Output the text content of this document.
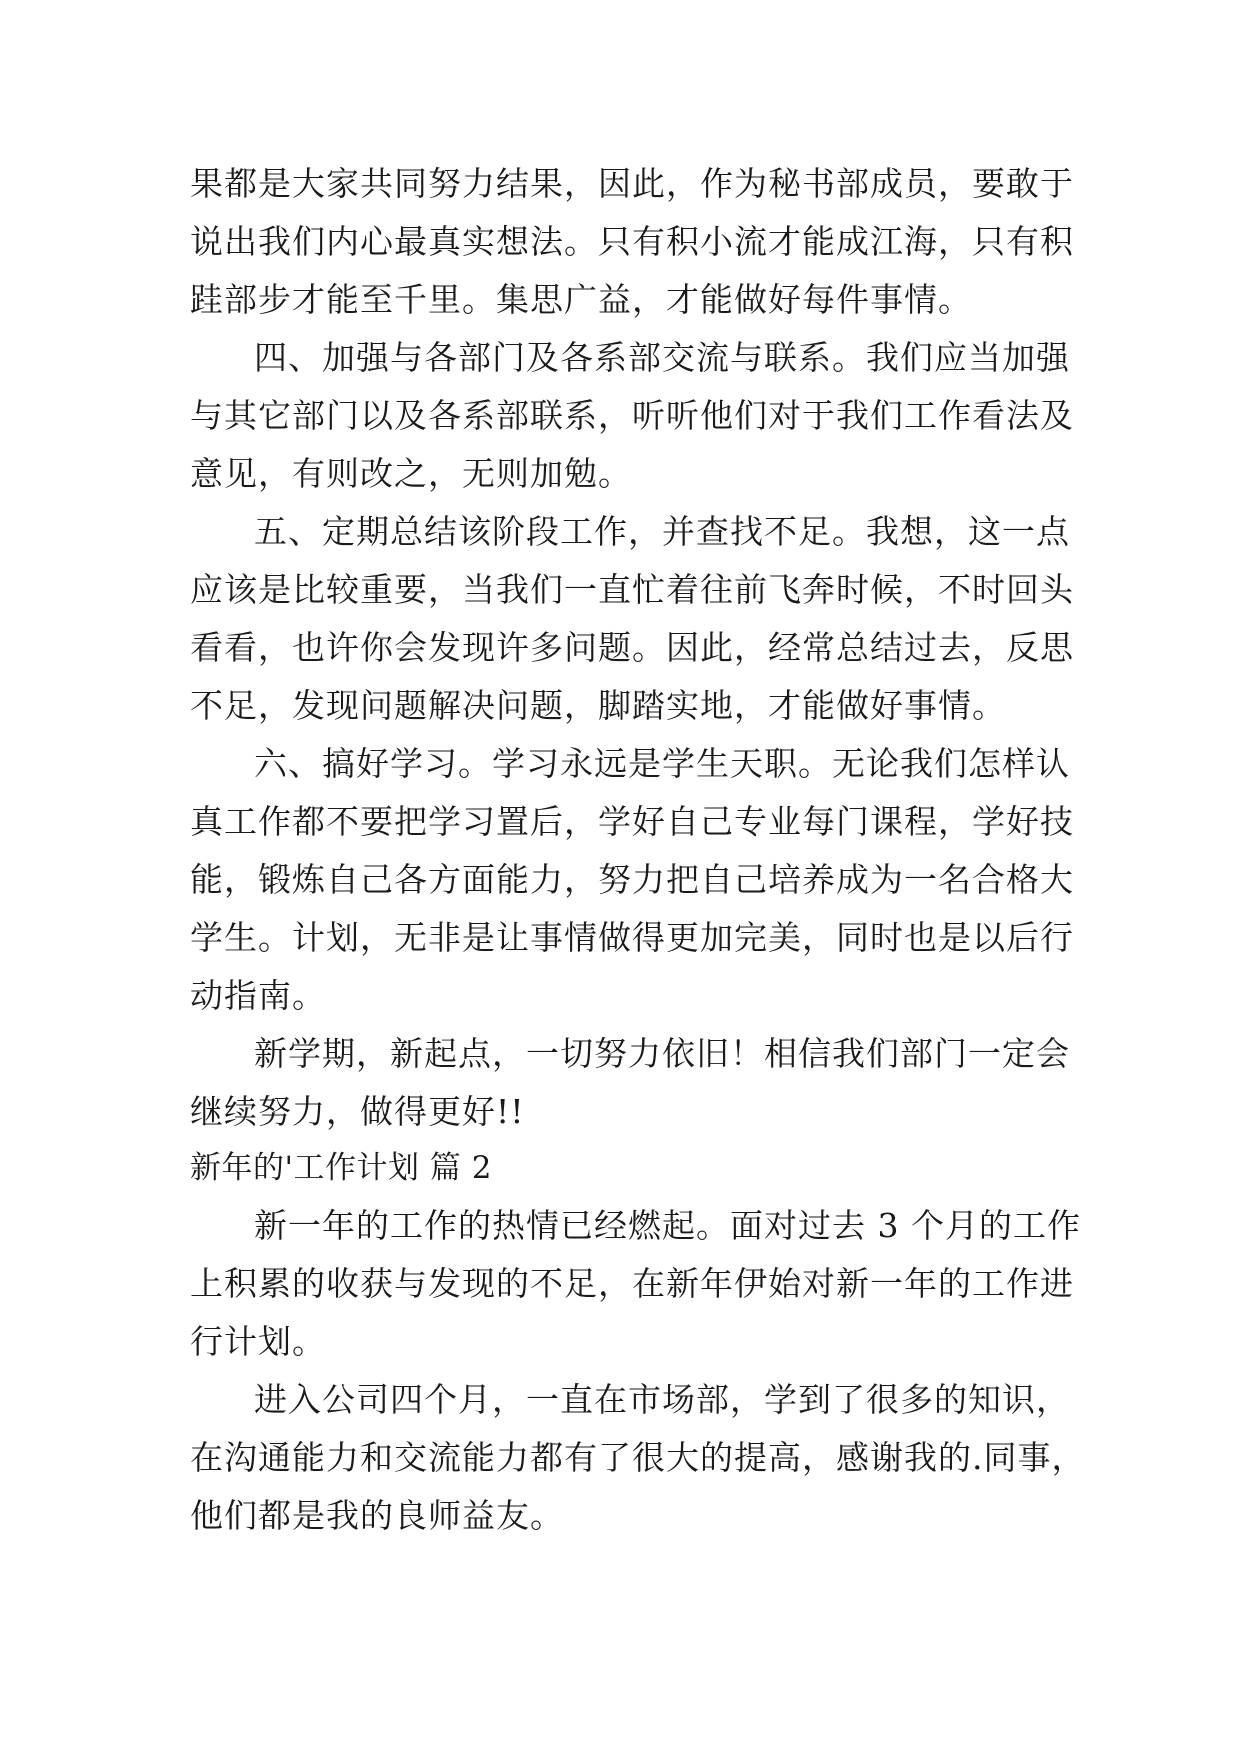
果都是大家共同努力结果，因此，作为秘书部成员，要敢于
说出我们内心最真实想法。只有积小流才能成江海，只有积
跬部步才能至千里。集思广益，才能做好每件事情。
四、加强与各部门及各系部交流与联系。我们应当加强
与其它部门以及各系部联系，听听他们对于我们工作看法及
意见，有则改之，无则加勉。
五、定期总结该阶段工作，并查找不足。我想，这一点
应该是比较重要，当我们一直忙着往前飞奔时候，不时回头
看看，也许你会发现许多问题。因此，经常总结过去，反思
不足，发现问题解决问题，脚踏实地，才能做好事情。
六、搞好学习。学习永远是学生天职。无论我们怎样认
真工作都不要把学习置后，学好自己专业每门课程，学好技
能，锻炼自己各方面能力，努力把自己培养成为一名合格大
学生。计划，无非是让事情做得更加完美，同时也是以后行
动指南。
新学期，新起点，一切努力依旧！相信我们部门一定会
继续努力，做得更好!!
新年的'工作计划 篇 2
新一年的工作的热情已经燃起。面对过去 3 个月的工作
上积累的收获与发现的不足，在新年伊始对新一年的工作进
行计划。
进入公司四个月，一直在市场部，学到了很多的知识，
在沟通能力和交流能力都有了很大的提高，感谢我的.同事，
他们都是我的良师益友。
